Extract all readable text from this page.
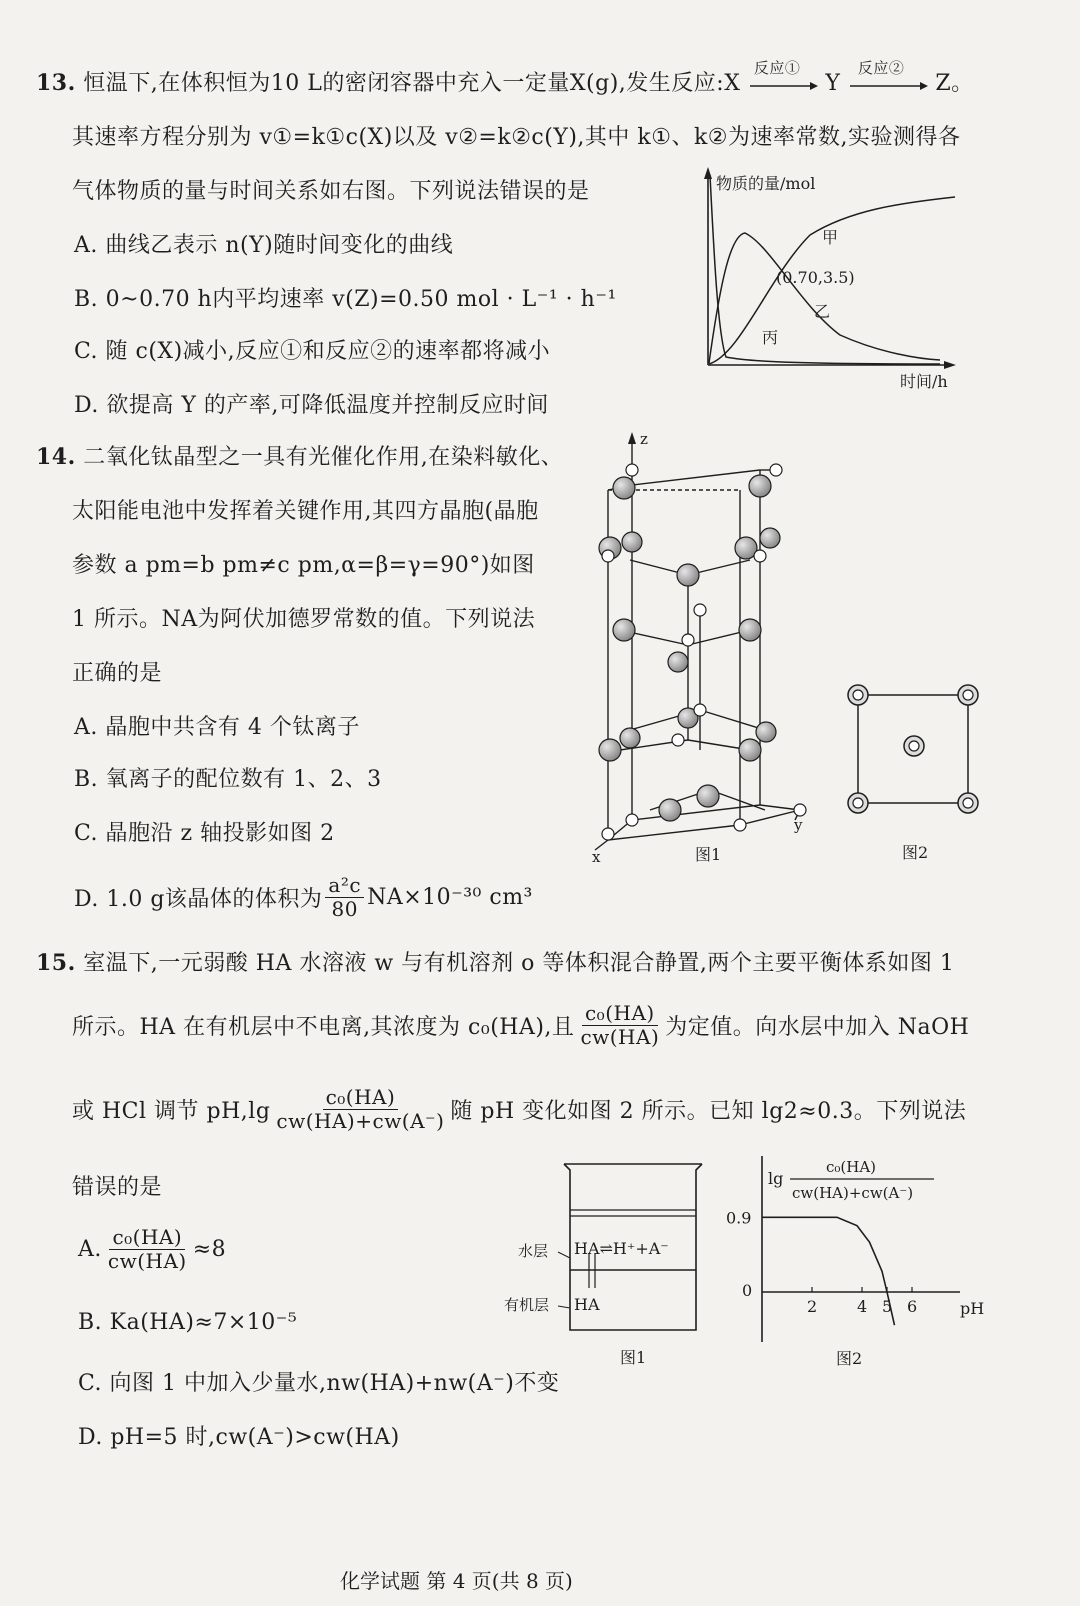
13. 恒温下,在体积恒为10 L的密闭容器中充入一定量X(g),发生反应:X
反应①
Y
反应②
Z。
其速率方程分别为 v①=k①c(X)以及 v②=k②c(Y),其中 k①、k②为速率常数,实验测得各
气体物质的量与时间关系如右图。下列说法错误的是
A. 曲线乙表示 n(Y)随时间变化的曲线
B. 0~0.70 h内平均速率 v(Z)=0.50 mol · L⁻¹ · h⁻¹
C. 随 c(X)减小,反应①和反应②的速率都将减小
D. 欲提高 Y 的产率,可降低温度并控制反应时间
物质的量/mol
时间/h
甲
乙
丙
(0.70,3.5)
14. 二氧化钛晶型之一具有光催化作用,在染料敏化、
太阳能电池中发挥着关键作用,其四方晶胞(晶胞
参数 a pm=b pm≠c pm,α=β=γ=90°)如图
1 所示。NA为阿伏加德罗常数的值。下列说法
正确的是
A. 晶胞中共含有 4 个钛离子
B. 氧离子的配位数有 1、2、3
C. 晶胞沿 z 轴投影如图 2
D. 1.0 g该晶体的体积为 $\frac{\text{a²c}}{80} NA\times 10^{-30}$ cm³
z
x
y
图1	图2
15. 室温下,一元弱酸 HA 水溶液 w 与有机溶剂 o 等体积混合静置,两个主要平衡体系如图 1
所示。HA 在有机层中不电离,其浓度为 c₀(HA),且 $\frac{\text{c₀(HA)}}{cw(HA)}$ 为定值。向水层中加入 NaOH
或 HCl 调节 $pH,\lg \frac{\text{c₀(HA)}}{cw(HA)+cw(A^-)}$ 随 pH 变化如图 2 所示。已知 lg2≈0.3。下列说法
错误的是
A. $\frac{\text{c₀(HA)}}{cw(HA)} \approx 8$
B. Ka(HA)≈7×10⁻⁵
C. 向图 1 中加入少量水,nw(HA)+nw(A⁻)不变
D. pH=5 时,cw(A⁻)>cw(HA)
水层
有机层
HA⇌H⁺+A⁻
HA
图1
lg
c₀(HA)
cw(HA)+cw(A⁻)
pH
2 4 5 6
0
0.9
图2
化学试题 第 4 页(共 8 页)
